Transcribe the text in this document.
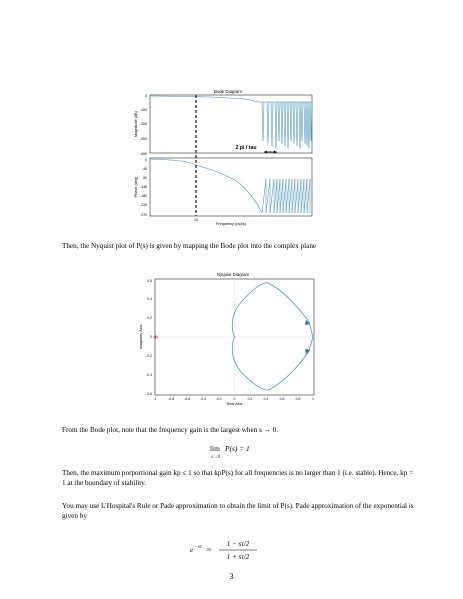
Bode Diagram
Magnitude (dB)
0
-100
-200
-300
-400
Phase (deg)
0
-45
-90
-135
-180
-225
-270
2 pi / tau
10
Frequency (rad/s)
Nyquist Diagram
Imaginary Axis
0.6
0.4
0.2
0
-0.2
-0.4
-0.6
-1	-0.8	-0.6	-0.4	-0.2	0	0.2	0.4	0.6	0.8	1
Real Axis
lim
s→0
P(s) = 1
e −sτ ≈
1 − sτ/2
1 + sτ/2

Then, the Nyquist plot of P(s) is given by mapping the Bode plot into the complex plane

From the Bode plot, note that the frequency gain is the largest when s → 0.

Then, the maximum porportional gain kp ≤ 1 so that kpP(s) for all frequencies is no larger than 1 (i.e. stable). Hence, kp = 1 at the boundary of stability.

You may use L'Hospital's Rule or Pade approximation to obtain the limit of P(s). Pade approximation of the exponential is given by

3
